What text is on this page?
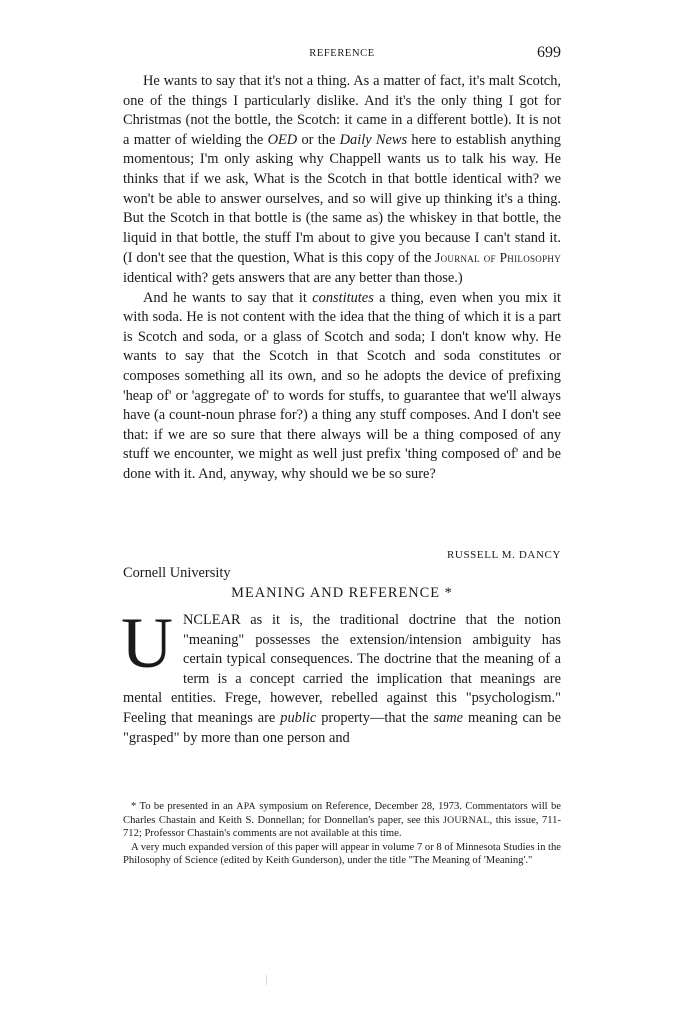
REFERENCE	699

He wants to say that it's not a thing. As a matter of fact, it's malt Scotch, one of the things I particularly dislike. And it's the only thing I got for Christmas (not the bottle, the Scotch: it came in a different bottle). It is not a matter of wielding the OED or the Daily News here to establish anything momentous; I'm only asking why Chappell wants us to talk his way. He thinks that if we ask, What is the Scotch in that bottle identical with? we won't be able to answer ourselves, and so will give up thinking it's a thing. But the Scotch in that bottle is (the same as) the whiskey in that bottle, the liquid in that bottle, the stuff I'm about to give you because I can't stand it. (I don't see that the question, What is this copy of the Journal of Philosophy identical with? gets answers that are any better than those.)

And he wants to say that it constitutes a thing, even when you mix it with soda. He is not content with the idea that the thing of which it is a part is Scotch and soda, or a glass of Scotch and soda; I don't know why. He wants to say that the Scotch in that Scotch and soda constitutes or composes something all its own, and so he adopts the device of prefixing 'heap of' or 'aggregate of' to words for stuffs, to guarantee that we'll always have (a count-noun phrase for?) a thing any stuff composes. And I don't see that: if we are so sure that there always will be a thing composed of any stuff we encounter, we might as well just prefix 'thing composed of' and be done with it. And, anyway, why should we be so sure?

RUSSELL M. DANCY
Cornell University
MEANING AND REFERENCE *
U NCLEAR as it is, the traditional doctrine that the notion "meaning" possesses the extension/intension ambiguity has certain typical consequences. The doctrine that the meaning of a term is a concept carried the implication that meanings are mental entities. Frege, however, rebelled against this "psychologism." Feeling that meanings are public property—that the same meaning can be "grasped" by more than one person and

* To be presented in an APA symposium on Reference, December 28, 1973. Commentators will be Charles Chastain and Keith S. Donnellan; for Donnellan's paper, see this JOURNAL, this issue, 711-712; Professor Chastain's comments are not available at this time.

A very much expanded version of this paper will appear in volume 7 or 8 of Minnesota Studies in the Philosophy of Science (edited by Keith Gunderson), under the title "The Meaning of 'Meaning'."
